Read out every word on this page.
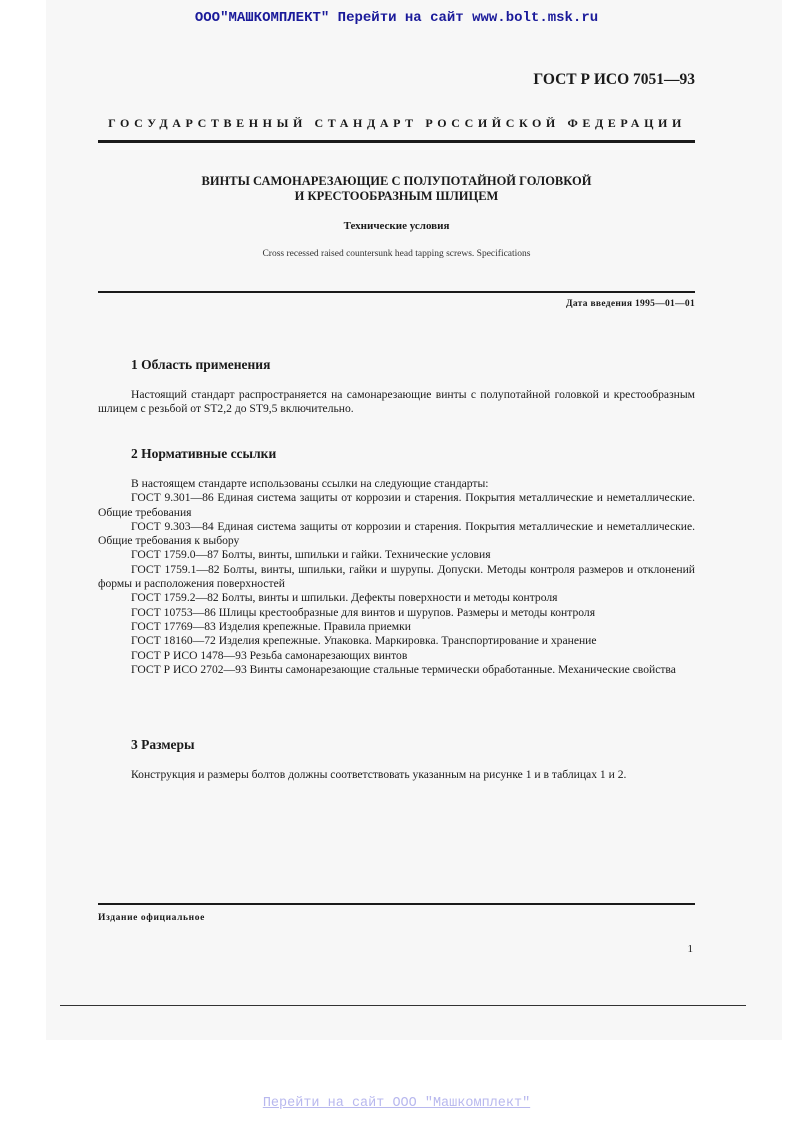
ООО"МАШКОМПЛЕКТ" Перейти на сайт www.bolt.msk.ru
ГОСТ Р ИСО 7051—93
ГОСУДАРСТВЕННЫЙ СТАНДАРТ РОССИЙСКОЙ ФЕДЕРАЦИИ
ВИНТЫ САМОНАРЕЗАЮЩИЕ С ПОЛУПОТАЙНОЙ ГОЛОВКОЙ
И КРЕСТООБРАЗНЫМ ШЛИЦЕМ
Технические условия
Cross recessed raised countersunk head tapping screws. Specifications
Дата введения 1995—01—01
1 Область применения
Настоящий стандарт распространяется на самонарезающие винты с полупотайной головкой и крестообразным шлицем с резьбой от ST2,2 до ST9,5 включительно.
2 Нормативные ссылки
В настоящем стандарте использованы ссылки на следующие стандарты:
ГОСТ 9.301—86 Единая система защиты от коррозии и старения. Покрытия металлические и неметаллические. Общие требования
ГОСТ 9.303—84 Единая система защиты от коррозии и старения. Покрытия металлические и неметаллические. Общие требования к выбору
ГОСТ 1759.0—87 Болты, винты, шпильки и гайки. Технические условия
ГОСТ 1759.1—82 Болты, винты, шпильки, гайки и шурупы. Допуски. Методы контроля размеров и отклонений формы и расположения поверхностей
ГОСТ 1759.2—82 Болты, винты и шпильки. Дефекты поверхности и методы контроля
ГОСТ 10753—86 Шлицы крестообразные для винтов и шурупов. Размеры и методы контроля
ГОСТ 17769—83 Изделия крепежные. Правила приемки
ГОСТ 18160—72 Изделия крепежные. Упаковка. Маркировка. Транспортирование и хранение
ГОСТ Р ИСО 1478—93 Резьба самонарезающих винтов
ГОСТ Р ИСО 2702—93 Винты самонарезающие стальные термически обработанные. Механические свойства
3 Размеры
Конструкция и размеры болтов должны соответствовать указанным на рисунке 1 и в таблицах 1 и 2.
Издание официальное
1
Перейти на сайт ООО "Машкомплект"
